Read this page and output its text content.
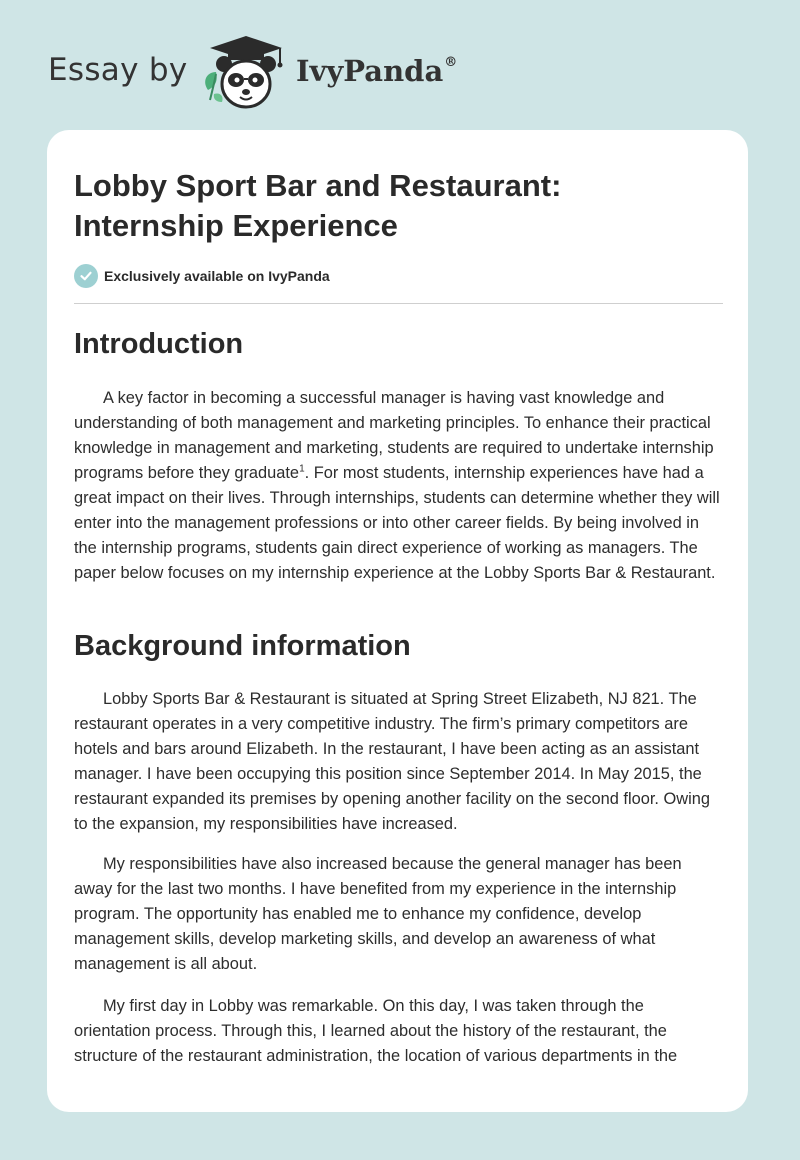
Essay by	IvyPanda®
Lobby Sport Bar and Restaurant: Internship Experience
Exclusively available on IvyPanda
Introduction

A key factor in becoming a successful manager is having vast knowledge and understanding of both management and marketing principles. To enhance their practical knowledge in management and marketing, students are required to undertake internship programs before they graduate$^1$. For most students, internship experiences have had a great impact on their lives. Through internships, students can determine whether they will enter into the management professions or into other career fields. By being involved in the internship programs, students gain direct experience of working as managers. The paper below focuses on my internship experience at the Lobby Sports Bar & Restaurant.

Background information

Lobby Sports Bar & Restaurant is situated at Spring Street Elizabeth, NJ 821. The restaurant operates in a very competitive industry. The firm’s primary competitors are hotels and bars around Elizabeth. In the restaurant, I have been acting as an assistant manager. I have been occupying this position since September 2014. In May 2015, the restaurant expanded its premises by opening another facility on the second floor. Owing to the expansion, my responsibilities have increased.

My responsibilities have also increased because the general manager has been away for the last two months. I have benefited from my experience in the internship program. The opportunity has enabled me to enhance my confidence, develop management skills, develop marketing skills, and develop an awareness of what management is all about.

My first day in Lobby was remarkable. On this day, I was taken through the orientation process. Through this, I learned about the history of the restaurant, the structure of the restaurant administration, the location of various departments in the
